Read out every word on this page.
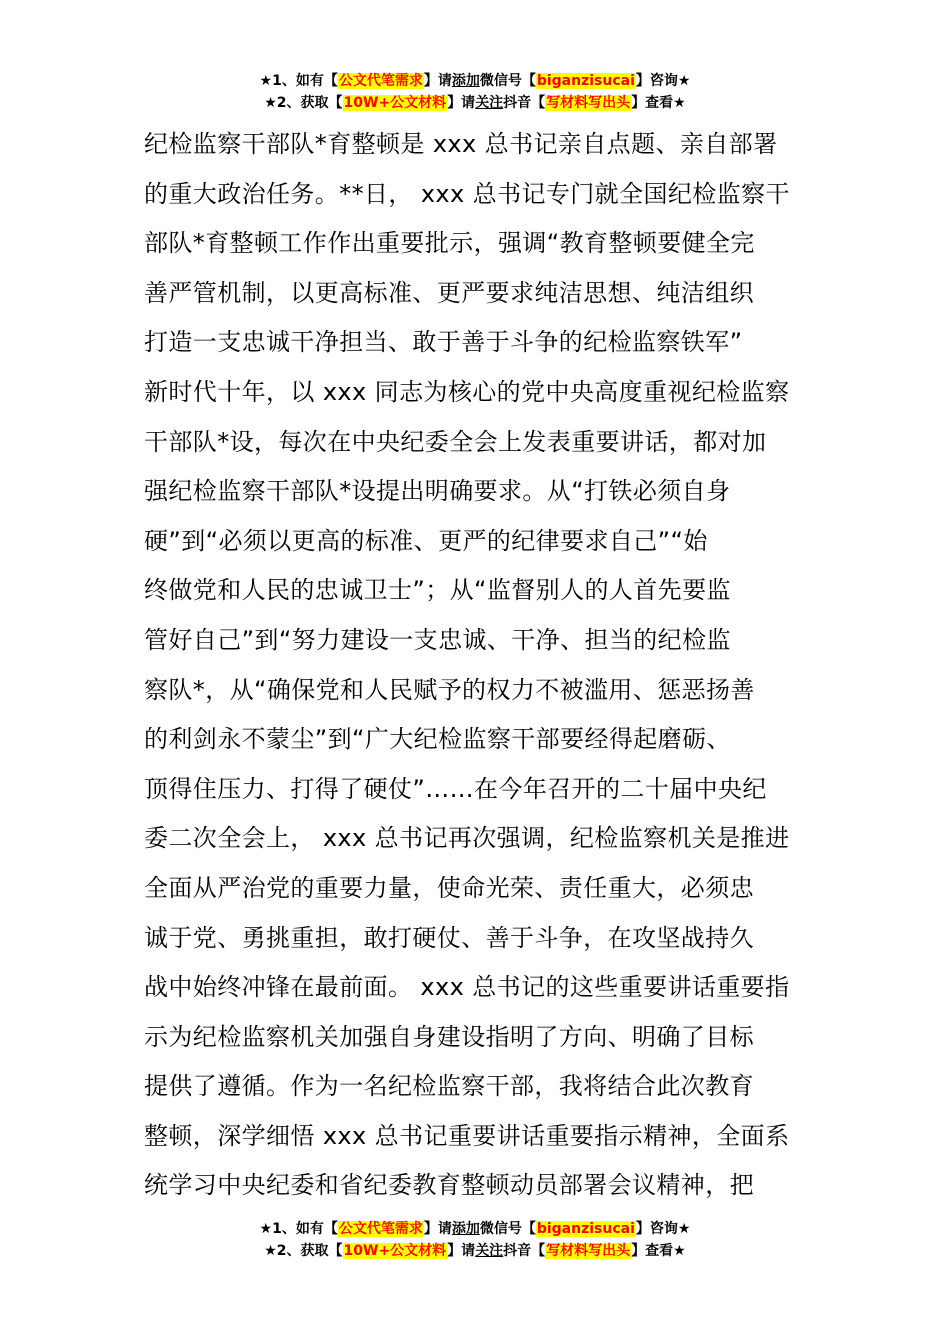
★1、如有【公文代笔需求】请添加微信号【biganzisucai】咨询★
★2、获取【10W+公文材料】请关注抖音【写材料写出头】查看★
纪检监察干部队*育整顿是 xxx 总书记亲自点题、亲自部署
的重大政治任务。**日， xxx 总书记专门就全国纪检监察干
部队*育整顿工作作出重要批示，强调“教育整顿要健全完
善严管机制，以更高标准、更严要求纯洁思想、纯洁组织
打造一支忠诚干净担当、敢于善于斗争的纪检监察铁军”
新时代十年，以 xxx 同志为核心的党中央高度重视纪检监察
干部队*设，每次在中央纪委全会上发表重要讲话，都对加
强纪检监察干部队*设提出明确要求。从“打铁必须自身
硬”到“必须以更高的标准、更严的纪律要求自己”“始
终做党和人民的忠诚卫士”；从“监督别人的人首先要监
管好自己”到“努力建设一支忠诚、干净、担当的纪检监
察队*，从“确保党和人民赋予的权力不被滥用、惩恶扬善
的利剑永不蒙尘”到“广大纪检监察干部要经得起磨砺、
顶得住压力、打得了硬仗”……在今年召开的二十届中央纪
委二次全会上， xxx 总书记再次强调，纪检监察机关是推进
全面从严治党的重要力量，使命光荣、责任重大，必须忠
诚于党、勇挑重担，敢打硬仗、善于斗争，在攻坚战持久
战中始终冲锋在最前面。 xxx 总书记的这些重要讲话重要指
示为纪检监察机关加强自身建设指明了方向、明确了目标
提供了遵循。作为一名纪检监察干部，我将结合此次教育
整顿，深学细悟 xxx 总书记重要讲话重要指示精神，全面系
统学习中央纪委和省纪委教育整顿动员部署会议精神，把
★1、如有【公文代笔需求】请添加微信号【biganzisucai】咨询★
★2、获取【10W+公文材料】请关注抖音【写材料写出头】查看★
